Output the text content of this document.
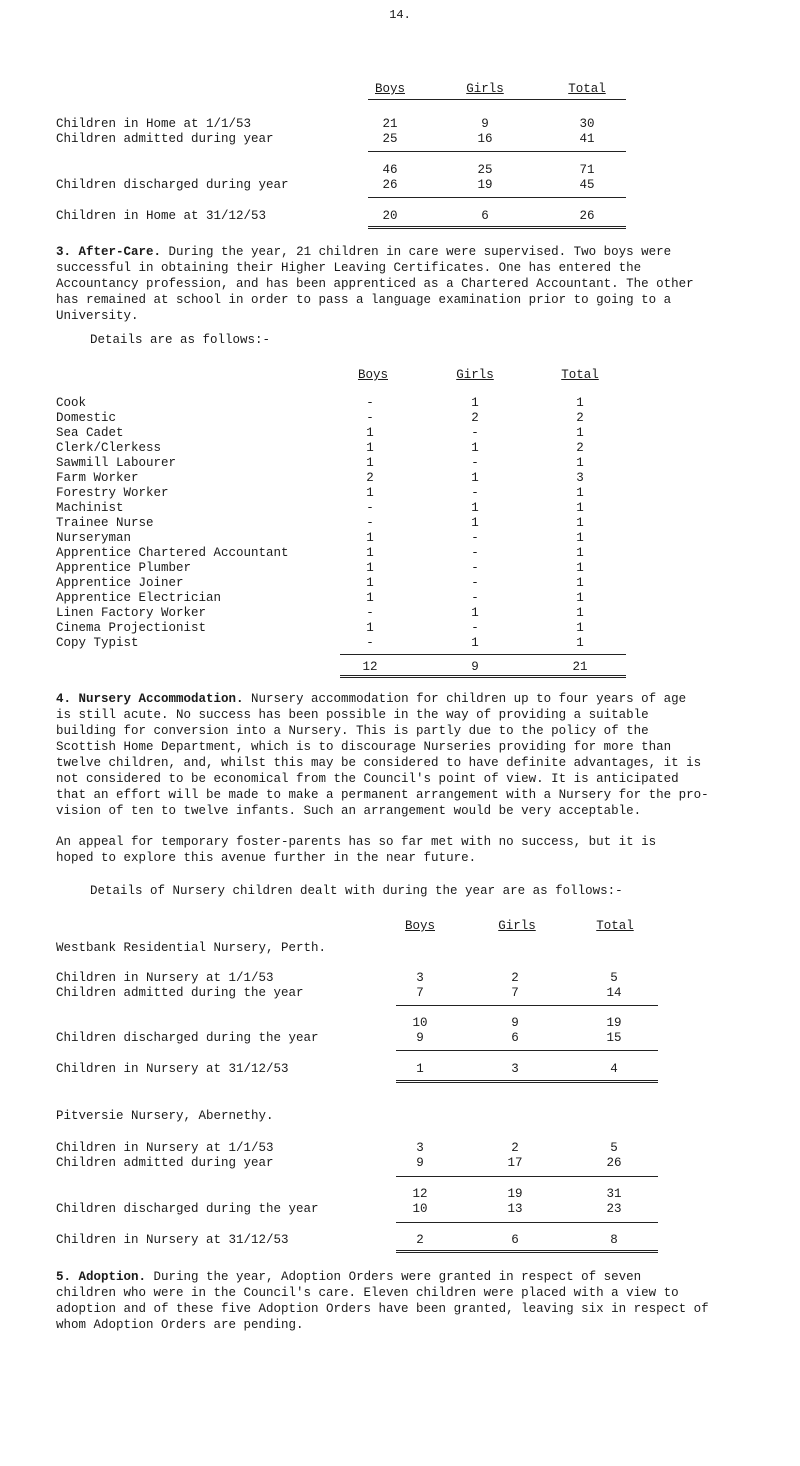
14.
Boys	Girls	Total
Children in Home at 1/1/53	21	9	30
Children admitted during year	25	16	41
46	25	71
Children discharged during year	26	19	45
Children in Home at 31/12/53	20	6	26
3. After-Care. During the year, 21 children in care were supervised. Two boys were
successful in obtaining their Higher Leaving Certificates. One has entered the
Accountancy profession, and has been apprenticed as a Chartered Accountant. The other
has remained at school in order to pass a language examination prior to going to a
University.
Details are as follows:-
Boys	Girls	Total
Cook	-	1	1
Domestic	-	2	2
Sea Cadet	1	-	1
Clerk/Clerkess	1	1	2
Sawmill Labourer	1	-	1
Farm Worker	2	1	3
Forestry Worker	1	-	1
Machinist	-	1	1
Trainee Nurse	-	1	1
Nurseryman	1	-	1
Apprentice Chartered Accountant	1	-	1
Apprentice Plumber	1	-	1
Apprentice Joiner	1	-	1
Apprentice Electrician	1	-	1
Linen Factory Worker	-	1	1
Cinema Projectionist	1	-	1
Copy Typist	-	1	1
12	9	21
4. Nursery Accommodation. Nursery accommodation for children up to four years of age
is still acute. No success has been possible in the way of providing a suitable
building for conversion into a Nursery. This is partly due to the policy of the
Scottish Home Department, which is to discourage Nurseries providing for more than
twelve children, and, whilst this may be considered to have definite advantages, it is
not considered to be economical from the Council's point of view. It is anticipated
that an effort will be made to make a permanent arrangement with a Nursery for the pro-
vision of ten to twelve infants. Such an arrangement would be very acceptable.
An appeal for temporary foster-parents has so far met with no success, but it is
hoped to explore this avenue further in the near future.
Details of Nursery children dealt with during the year are as follows:-
Boys	Girls	Total
Westbank Residential Nursery, Perth.
Children in Nursery at 1/1/53	3	2	5
Children admitted during the year	7	7	14
10	9	19
Children discharged during the year	9	6	15
Children in Nursery at 31/12/53	1	3	4
Pitversie Nursery, Abernethy.
Children in Nursery at 1/1/53	3	2	5
Children admitted during year	9	17	26
12	19	31
Children discharged during the year	10	13	23
Children in Nursery at 31/12/53	2	6	8
5. Adoption. During the year, Adoption Orders were granted in respect of seven
children who were in the Council's care. Eleven children were placed with a view to
adoption and of these five Adoption Orders have been granted, leaving six in respect of
whom Adoption Orders are pending.
